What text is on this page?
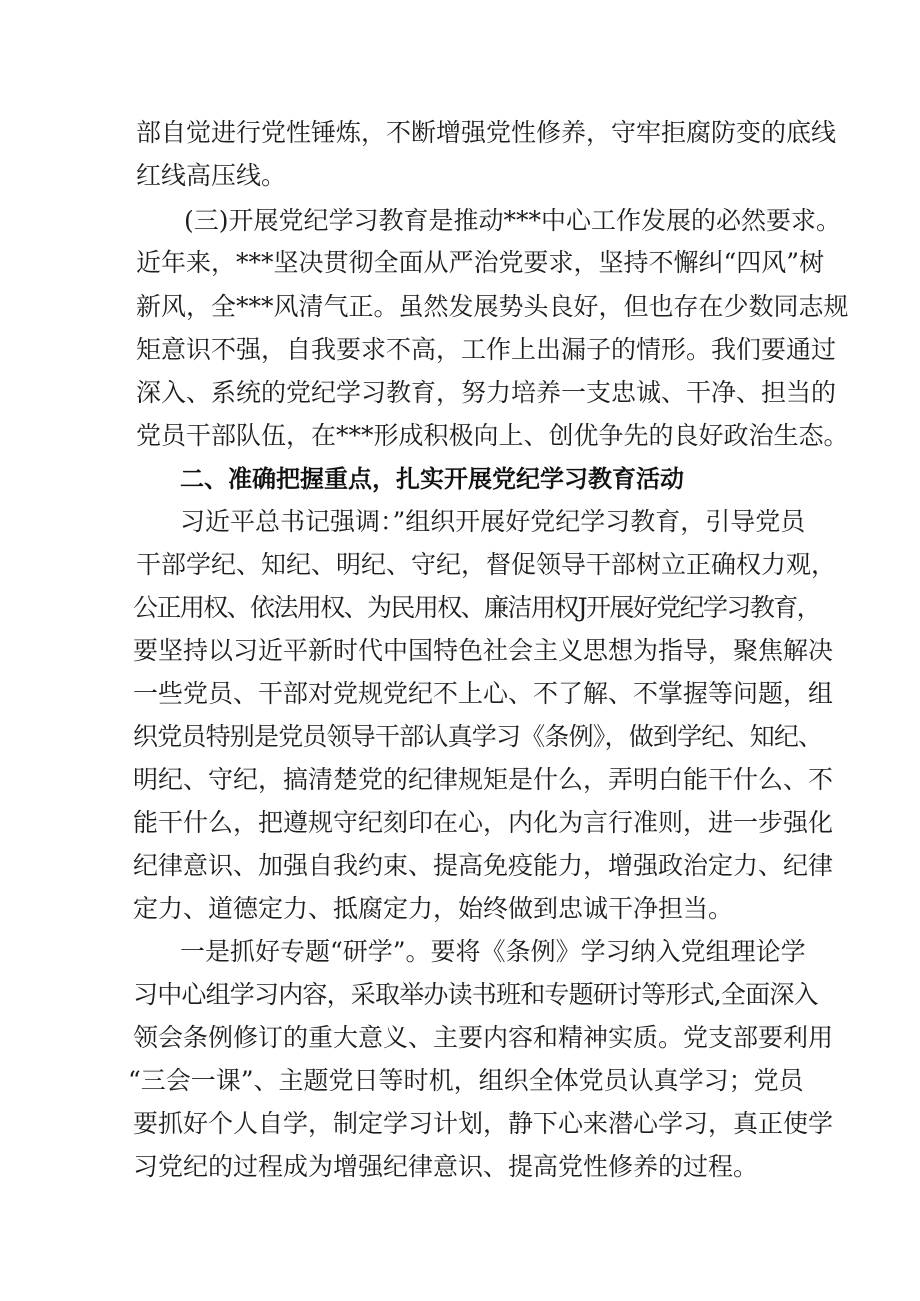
部自觉进行党性锤炼，不断增强党性修养，守牢拒腐防变的底线
红线高压线。
(三)开展党纪学习教育是推动***中心工作发展的必然要求。
近年来，***坚决贯彻全面从严治党要求，坚持不懈纠“四风”树
新风，全***风清气正。虽然发展势头良好，但也存在少数同志规
矩意识不强，自我要求不高，工作上出漏子的情形。我们要通过
深入、系统的党纪学习教育，努力培养一支忠诚、干净、担当的
党员干部队伍，在***形成积极向上、创优争先的良好政治生态。
二、准确把握重点，扎实开展党纪学习教育活动
习近平总书记强调：”组织开展好党纪学习教育，引导党员
干部学纪、知纪、明纪、守纪，督促领导干部树立正确权力观，
公正用权、依法用权、为民用权、廉洁用权J开展好党纪学习教育，
要坚持以习近平新时代中国特色社会主义思想为指导，聚焦解决
一些党员、干部对党规党纪不上心、不了解、不掌握等问题，组
织党员特别是党员领导干部认真学习《条例》，做到学纪、知纪、
明纪、守纪，搞清楚党的纪律规矩是什么，弄明白能干什么、不
能干什么，把遵规守纪刻印在心，内化为言行准则，进一步强化
纪律意识、加强自我约束、提高免疫能力，增强政治定力、纪律
定力、道德定力、抵腐定力，始终做到忠诚干净担当。
一是抓好专题“研学”。要将《条例》学习纳入党组理论学
习中心组学习内容，采取举办读书班和专题研讨等形式,全面深入
领会条例修订的重大意义、主要内容和精神实质。党支部要利用
“三会一课”、主题党日等时机，组织全体党员认真学习；党员
要抓好个人自学，制定学习计划，静下心来潜心学习，真正使学
习党纪的过程成为增强纪律意识、提高党性修养的过程。
